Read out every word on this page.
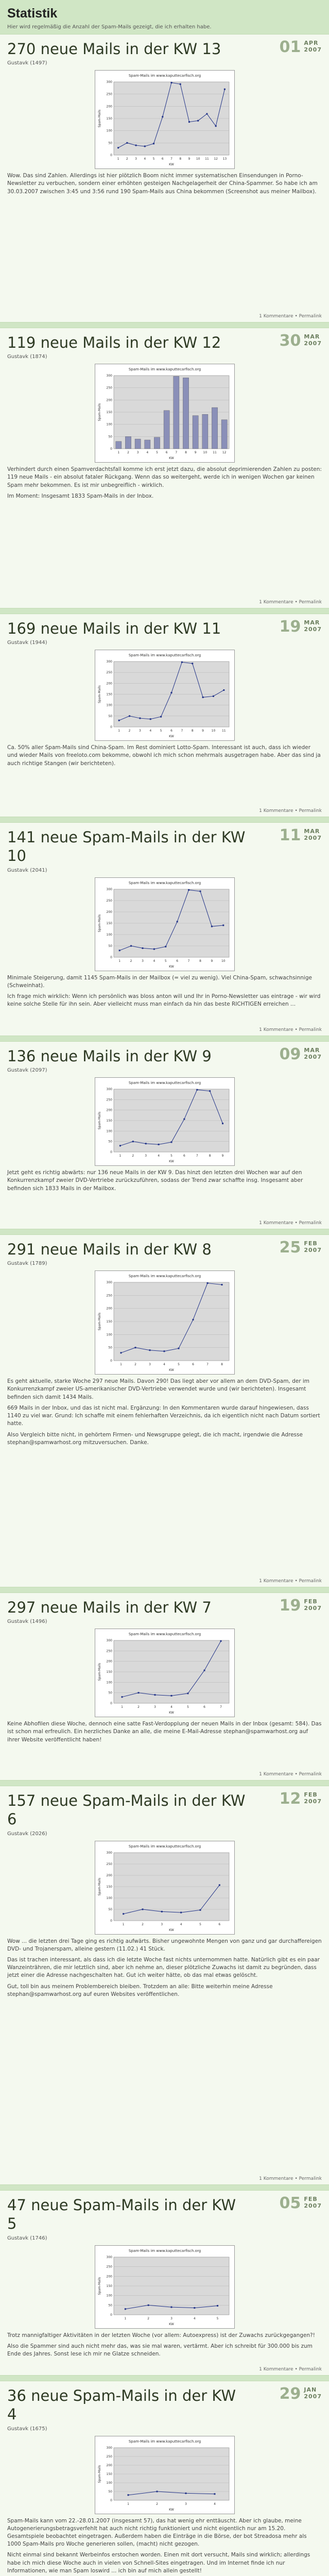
Statistik
Hier wird regelmäßig die Anzahl der Spam-Mails gezeigt, die ich erhalten habe.
270 neue Mails in der KW 13	01 APR
2007
Gustavk (1497)
Spam-Mails im www.kaputtecarfisch.org
0
50
100
150
200
250
300
1 2 3 4 5 6 7 8 9 10 11 12 13
Spam-Mails
KW

Wow. Das sind Zahlen. Allerdings ist hier plötzlich Boom nicht immer systematischen Einsendungen in Porno-Newsletter zu verbuchen, sondern einer erhöhten gesteigen Nachgelagerheit der China-Spammer. So habe ich am 30.03.2007 zwischen 3:45 und 3:56 rund 190 Spam-Mails aus China bekommen (Screenshot aus meiner Mailbox).

1 Kommentare • Permalink
119 neue Mails in der KW 12	30 MAR
2007
Gustavk (1874)
Spam-Mails im www.kaputtecarfisch.org
0
50
100
150
200
250
300
1 2 3 4 5 6 7 8 9 10 11 12
Spam-Mails
KW

Verhindert durch einen Spamverdachtsfall komme ich erst jetzt dazu, die absolut deprimierenden Zahlen zu posten: 119 neue Mails - ein absolut fataler Rückgang. Wenn das so weitergeht, werde ich in wenigen Wochen gar keinen Spam mehr bekommen. Es ist mir unbegreiflich - wirklich.

Im Moment: Insgesamt 1833 Spam-Mails in der Inbox.

1 Kommentare • Permalink
169 neue Mails in der KW 11	19 MAR
2007
Gustavk (1944)
Spam-Mails im www.kaputtecarfisch.org
0
50
100
150
200
250
300
1	2	3	4	5	6	7	8	9 10 11
Spam-Mails
KW

Ca. 50% aller Spam-Mails sind China-Spam. Im Rest dominiert Lotto-Spam. Interessant ist auch, dass ich wieder und wieder Mails von freeloto.com bekomme, obwohl ich mich schon mehrmals ausgetragen habe. Aber das sind ja auch richtige Stangen (wir berichteten).

1 Kommentare • Permalink
141 neue Spam-Mails in der KW 10
11 MAR
2007
Gustavk (2041)
Spam-Mails im www.kaputtecarfisch.org
0
50
100
150
200
250
300
1	2	3	4	5	6	7	8	9	10
Spam-Mails
KW

Minimale Steigerung, damit 1145 Spam-Mails in der Mailbox (= viel zu wenig). Viel China-Spam, schwachsinnige (Schweinhat).

Ich frage mich wirklich: Wenn ich persönlich was bloss anton will und Ihr in Porno-Newsletter uas eintrage - wir wird keine solche Stelle für ihn sein. Aber vielleicht muss man einfach da hin das beste RICHTIGEN erreichen ...

1 Kommentare • Permalink
136 neue Mails in der KW 9	09 MAR
2007
Gustavk (2097)
Spam-Mails im www.kaputtecarfisch.org
0
50
100
150
200
250
300
1	2	3	4	5	6	7	8	9
Spam-Mails
KW

Jetzt geht es richtig abwärts: nur 136 neue Mails in der KW 9. Das hinzt den letzten drei Wochen war auf den Konkurrenzkampf zweier DVD-Vertriebe zurückzuführen, sodass der Trend zwar schaffte insg. Insgesamt aber befinden sich 1833 Mails in der Mailbox.

1 Kommentare • Permalink
291 neue Mails in der KW 8	25 FEB
2007
Gustavk (1789)
Spam-Mails im www.kaputtecarfisch.org
0
50
100
150
200
250
300
1	2	3	4	5	6	7	8
Spam-Mails
KW

Es geht aktuelle, starke Woche 297 neue Mails. Davon 290! Das liegt aber vor allem an dem DVD-Spam, der im Konkurrenzkampf zweier US-amerikanischer DVD-Vertriebe verwendet wurde und (wir berichteten). Insgesamt befinden sich damit 1434 Mails.

669 Mails in der Inbox, und das ist nicht mal. Ergänzung: In den Kommentaren wurde darauf hingewiesen, dass 1140 zu viel war. Grund: Ich schaffe mit einem fehlerhaften Verzeichnis, da ich eigentlich nicht nach Datum sortiert hatte.

Also Vergleich bitte nicht, in gehörtem Firmen- und Newsgruppe gelegt, die ich macht, irgendwie die Adresse stephan@spamwarhost.org mitzuversuchen. Danke.

1 Kommentare • Permalink
297 neue Mails in der KW 7	19 FEB
2007
Gustavk (1496)
Spam-Mails im www.kaputtecarfisch.org
0
50
100
150
200
250
300
1	2	3	4	5	6	7
Spam-Mails
KW

Keine Abhofilen diese Woche, dennoch eine satte Fast-Verdopplung der neuen Mails in der Inbox (gesamt: 584). Das ist schon mal erfreulich. Ein herzliches Danke an alle, die meine E-Mail-Adresse stephan@spamwarhost.org auf ihrer Website veröffentlicht haben!

1 Kommentare • Permalink
157 neue Spam-Mails in der KW 6
12 FEB
2007
Gustavk (2026)
Spam-Mails im www.kaputtecarfisch.org
0
50
100
150
200
250
300
1	2	3	4	5	6
Spam-Mails
KW

Wow ... die letzten drei Tage ging es richtig aufwärts. Bisher ungewohnte Mengen von ganz und gar durchaffereigen DVD- und Trojanerspam, alleine gestern (11.02.) 41 Stück.

Das ist trachen interessant, als dass ich die letzte Woche fast nichts unternommen hatte. Natürlich gibt es ein paar Wanzeinträhren, die mir letztlich sind, aber ich nehme an, dieser plötzliche Zuwachs ist damit zu begründen, dass jetzt einer die Adresse nachgeschalten hat. Gut ich weiter hätte, ob das mal etwas gelöscht.

Gut, toll bin aus meinem Problembereich bleiben. Trotzdem an alle: Bitte weiterhin meine Adresse stephan@spamwarhost.org auf euren Websites veröffentlichen.

1 Kommentare • Permalink
47 neue Spam-Mails in der KW 5
05 FEB
2007
Gustavk (1746)
Spam-Mails im www.kaputtecarfisch.org
0
50
100
150
200
250
300
1	2	3	4	5
Spam-Mails
KW

Trotz mannigfaltiger Aktivitäten in der letzten Woche (vor allem: Autoexpress) ist der Zuwachs zurückgegangen?!

Also die Spammer sind auch nicht mehr das, was sie mal waren, vertärmt. Aber ich schreibt für 300.000 bis zum Ende des Jahres. Sonst lese ich mir ne Glatze schneiden.

1 Kommentare • Permalink
36 neue Spam-Mails in der KW 4
29 JAN
2007
Gustavk (1675)
Spam-Mails im www.kaputtecarfisch.org
0
50
100
150
200
250
300
1	2	3	4
Spam-Mails
KW

Spam-Mails kann vom 22.-28.01.2007 (insgesamt 57), das hat wenig ehr enttäuscht. Aber ich glaube, meine Autogenerierungsbetragsverfehlt hat auch nicht richtig funktioniert und nicht eigentlich nur am 15.20. Gesamtspiele beobachtet eingetragen. Außerdem haben die Einträge in die Börse, der bot Streadosa mehr als 1000 Spam-Mails pro Woche generieren sollen, (macht) nicht gezogen.

Nicht einmal sind bekannt Werbeinfos erstochen worden. Einen mit dort versucht, Mails sind wirklich; allerdings habe ich mich diese Woche auch in vielen von Schnell-Sites eingetragen. Und im Internet finde ich nur Informationen, wie man Spam loswird ... ich bin auf mich allein gestellt!
